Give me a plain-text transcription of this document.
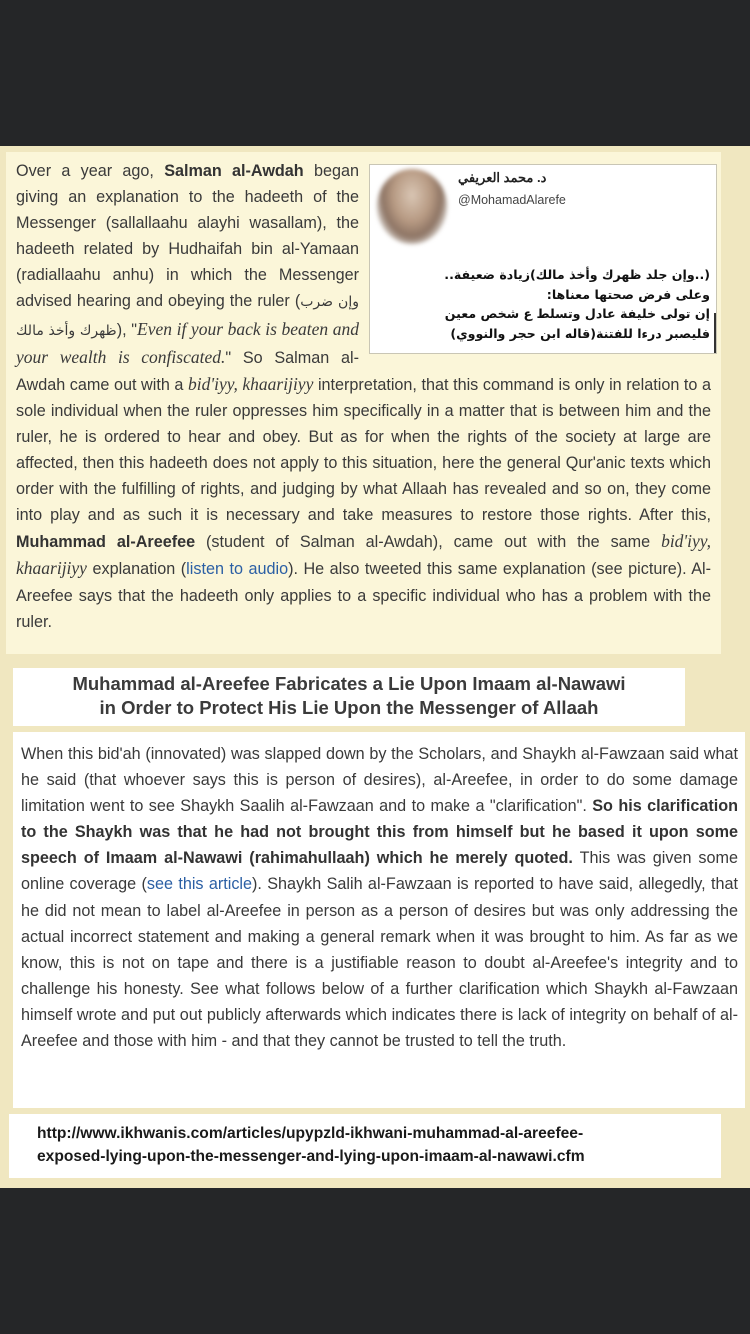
د. محمد العريفي
@MohamadAlarefe
(..وإن جلد ظهرك وأخذ مالك)زيادة ضعيفة..
وعلى فرض صحتها معناها:
إن تولى خليفة عادل وتسلط ع شخص معين
فليصبر درءا للفتنة(قاله ابن حجر والنووي)
Over a year ago, Salman al-Awdah began giving an explanation to the hadeeth of the Messenger (sallallaahu alayhi wasallam), the hadeeth related by Hudhaifah bin al-Yamaan (radiallaahu anhu) in which the Messenger advised hearing and obeying the ruler (وإن ضرب ظهرك وأخذ مالك), "Even if your back is beaten and your wealth is confiscated." So Salman al-Awdah came out with a bid'iyy, khaarijiyy interpretation, that this command is only in relation to a sole individual when the ruler oppresses him specifically in a matter that is between him and the ruler, he is ordered to hear and obey. But as for when the rights of the society at large are affected, then this hadeeth does not apply to this situation, here the general Qur'anic texts which order with the fulfilling of rights, and judging by what Allaah has revealed and so on, they come into play and as such it is necessary and take measures to restore those rights. After this, Muhammad al-Areefee (student of Salman al-Awdah), came out with the same bid'iyy, khaarijiyy explanation (listen to audio). He also tweeted this same explanation (see picture). Al-Areefee says that the hadeeth only applies to a specific individual who has a problem with the ruler.
Muhammad al-Areefee Fabricates a Lie Upon Imaam al-Nawawi
in Order to Protect His Lie Upon the Messenger of Allaah
When this bid'ah (innovated) was slapped down by the Scholars, and Shaykh al-Fawzaan said what he said (that whoever says this is person of desires), al-Areefee, in order to do some damage limitation went to see Shaykh Saalih al-Fawzaan and to make a "clarification". So his clarification to the Shaykh was that he had not brought this from himself but he based it upon some speech of Imaam al-Nawawi (rahimahullaah) which he merely quoted. This was given some online coverage (see this article). Shaykh Salih al-Fawzaan is reported to have said, allegedly, that he did not mean to label al-Areefee in person as a person of desires but was only addressing the actual incorrect statement and making a general remark when it was brought to him. As far as we know, this is not on tape and there is a justifiable reason to doubt al-Areefee's integrity and to challenge his honesty. See what follows below of a further clarification which Shaykh al-Fawzaan himself wrote and put out publicly afterwards which indicates there is lack of integrity on behalf of al-Areefee and those with him - and that they cannot be trusted to tell the truth.
http://www.ikhwanis.com/articles/upypzld-ikhwani-muhammad-al-areefee-
exposed-lying-upon-the-messenger-and-lying-upon-imaam-al-nawawi.cfm
